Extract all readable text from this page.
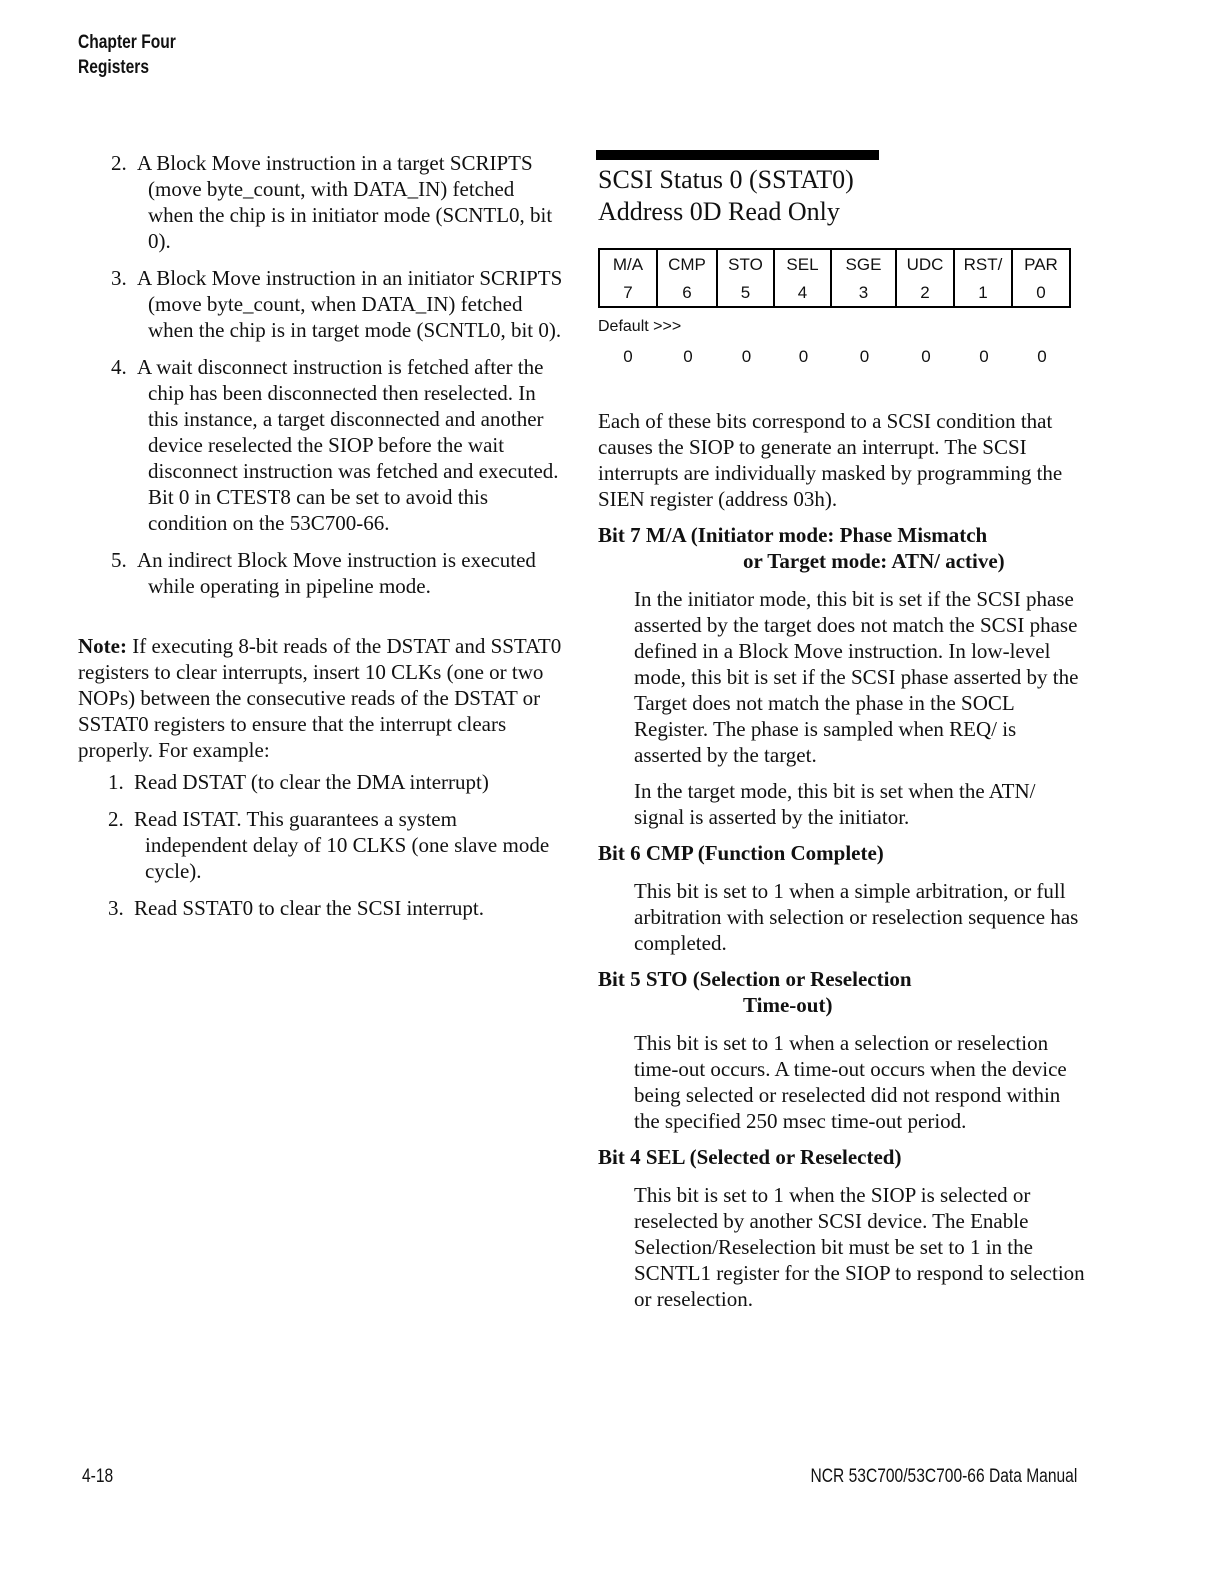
Chapter Four
Registers
2. A Block Move instruction in a target SCRIPTS (move byte_count, with DATA_IN) fetched when the chip is in initiator mode (SCNTL0, bit 0).
3. A Block Move instruction in an initiator SCRIPTS (move byte_count, when DATA_IN) fetched when the chip is in target mode (SCNTL0, bit 0).
4. A wait disconnect instruction is fetched after the chip has been disconnected then reselected. In this instance, a target disconnected and another device reselected the SIOP before the wait disconnect instruction was fetched and executed. Bit 0 in CTEST8 can be set to avoid this condition on the 53C700-66.
5. An indirect Block Move instruction is executed while operating in pipeline mode.
Note: If executing 8-bit reads of the DSTAT and SSTAT0 registers to clear interrupts, insert 10 CLKs (one or two NOPs) between the consecutive reads of the DSTAT or SSTAT0 registers to ensure that the interrupt clears properly. For example:
1. Read DSTAT (to clear the DMA interrupt)
2. Read ISTAT. This guarantees a system independent delay of 10 CLKS (one slave mode cycle).
3. Read SSTAT0 to clear the SCSI interrupt.
SCSI Status 0 (SSTAT0)
Address 0D Read Only
M/A	CMP	STO	SEL	SGE	UDC	RST/	PAR
7	6	5	4	3	2	1	0
Default >>>
0	0	0	0	0	0	0	0
Each of these bits correspond to a SCSI condition that causes the SIOP to generate an interrupt. The SCSI interrupts are individually masked by programming the SIEN register (address 03h).
Bit 7 M/A (Initiator mode: Phase Mismatch
or Target mode: ATN/ active)

In the initiator mode, this bit is set if the SCSI phase asserted by the target does not match the SCSI phase defined in a Block Move instruction. In low-level mode, this bit is set if the SCSI phase asserted by the Target does not match the phase in the SOCL Register. The phase is sampled when REQ/ is asserted by the target.

In the target mode, this bit is set when the ATN/ signal is asserted by the initiator.

Bit 6 CMP (Function Complete)

This bit is set to 1 when a simple arbitration, or full arbitration with selection or reselection sequence has completed.

Bit 5 STO (Selection or Reselection
Time-out)

This bit is set to 1 when a selection or reselection time-out occurs. A time-out occurs when the device being selected or reselected did not respond within the specified 250 msec time-out period.

Bit 4 SEL (Selected or Reselected)

This bit is set to 1 when the SIOP is selected or reselected by another SCSI device. The Enable Selection/Reselection bit must be set to 1 in the SCNTL1 register for the SIOP to respond to selection or reselection.

4-18	NCR 53C700/53C700-66 Data Manual
